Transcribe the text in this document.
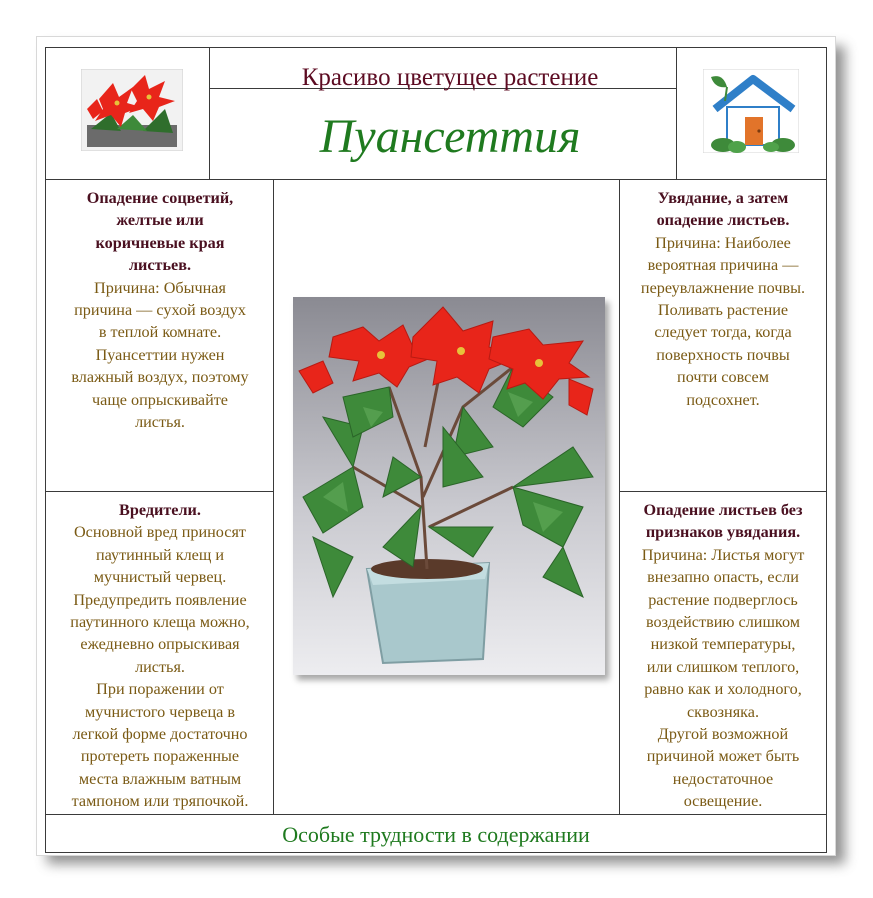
Красиво цветущее растение
Пуансеттия
Опадение соцветий,
желтые или
коричневые края
листьев.
Причина: Обычная
причина — сухой воздух
в теплой комнате.
Пуансеттии нужен
влажный воздух, поэтому
чаще опрыскивайте
листья.
Увядание, а затем
опадение листьев.
Причина: Наиболее
вероятная причина —
переувлажнение почвы.
Поливать растение
следует тогда, когда
поверхность почвы
почти совсем
подсохнет.
Вредители.
Основной вред приносят
паутинный клещ и
мучнистый червец.
Предупредить появление
паутинного клеща можно,
ежедневно опрыскивая
листья.
При поражении от
мучнистого червеца в
легкой форме достаточно
протереть пораженные
места влажным ватным
тампоном или тряпочкой.
Опадение листьев без
признаков увядания.
Причина: Листья могут
внезапно опасть, если
растение подверглось
воздействию слишком
низкой температуры,
или слишком теплого,
равно как и холодного,
сквозняка.
Другой возможной
причиной может быть
недостаточное
освещение.
Особые трудности в содержании
